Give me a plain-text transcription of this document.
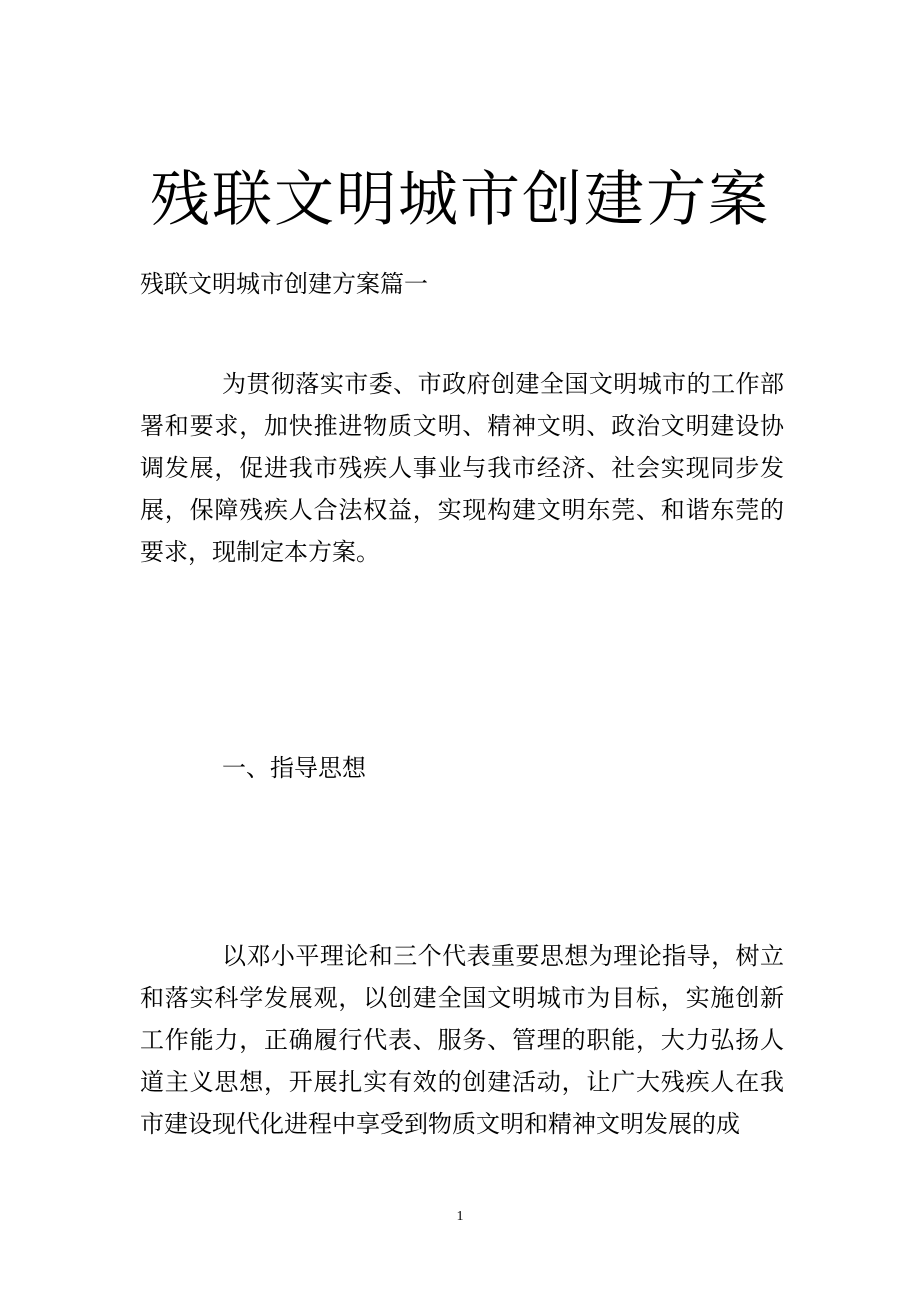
残联文明城市创建方案
残联文明城市创建方案篇一
为贯彻落实市委、市政府创建全国文明城市的工作部署和要求，加快推进物质文明、精神文明、政治文明建设协调发展，促进我市残疾人事业与我市经济、社会实现同步发展，保障残疾人合法权益，实现构建文明东莞、和谐东莞的要求，现制定本方案。
一、指导思想
以邓小平理论和三个代表重要思想为理论指导，树立和落实科学发展观，以创建全国文明城市为目标，实施创新工作能力，正确履行代表、服务、管理的职能，大力弘扬人道主义思想，开展扎实有效的创建活动，让广大残疾人在我市建设现代化进程中享受到物质文明和精神文明发展的成
1
